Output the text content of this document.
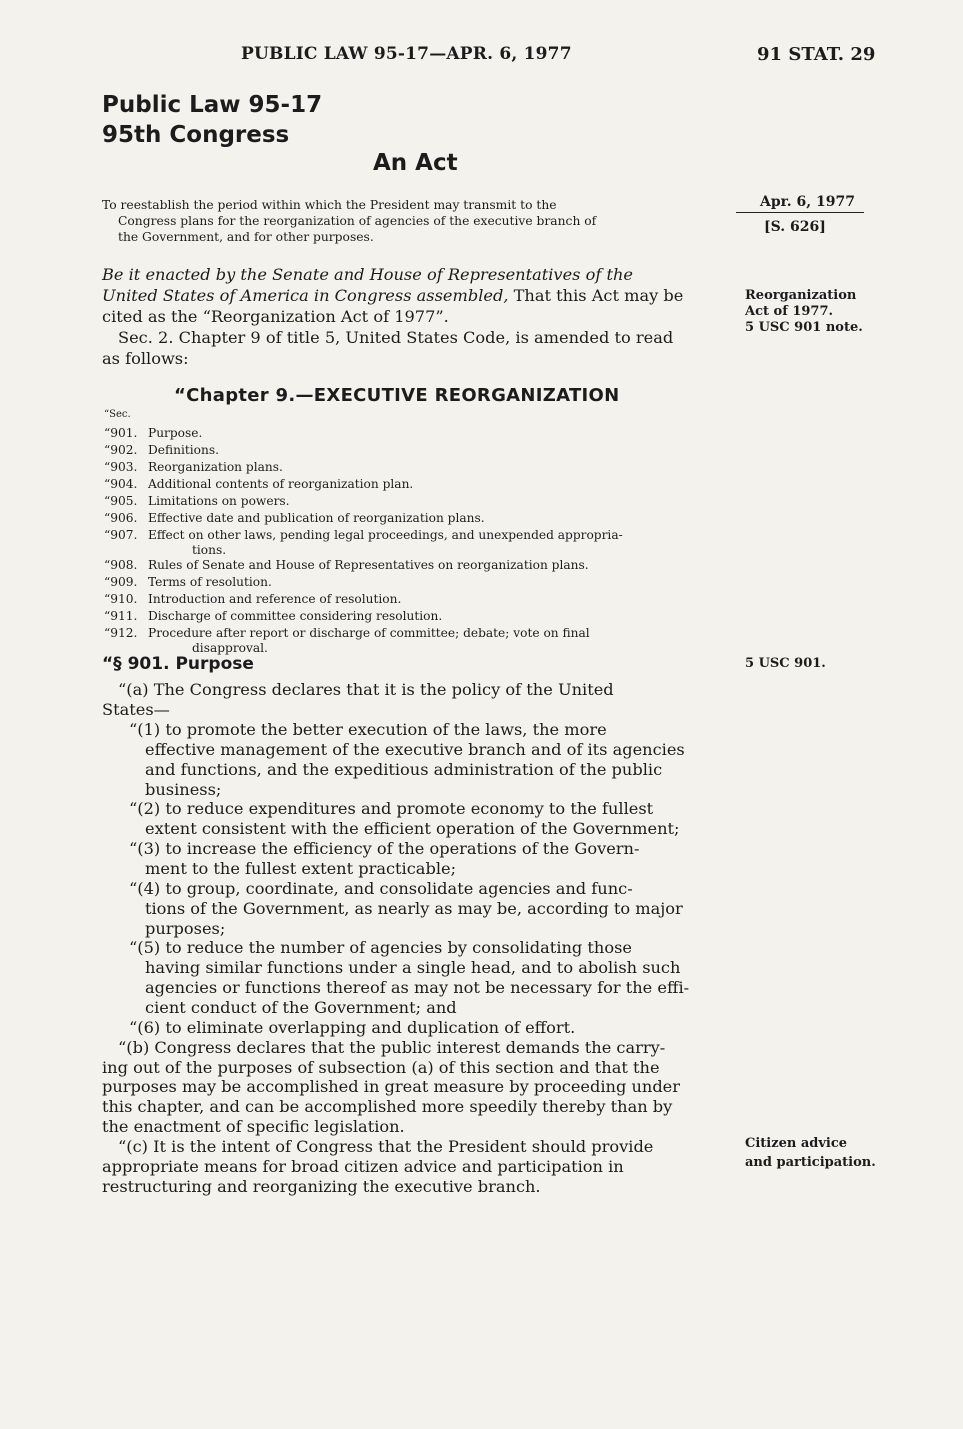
PUBLIC LAW 95-17—APR. 6, 1977	91 STAT. 29
Public Law 95-17
95th Congress
An Act
To reestablish the period within which the President may transmit to the
Congress plans for the reorganization of agencies of the executive branch of
the Government, and for other purposes.
Apr. 6, 1977
[S. 626]
Be it enacted by the Senate and House of Representatives of the
United States of America in Congress assembled, That this Act may be
cited as the “Reorganization Act of 1977”.
Sec. 2. Chapter 9 of title 5, United States Code, is amended to read
as follows:
Reorganization
Act of 1977.
5 USC 901 note.
“Chapter 9.—EXECUTIVE REORGANIZATION
“Sec.
“901. Purpose.
“902. Definitions.
“903. Reorganization plans.
“904. Additional contents of reorganization plan.
“905. Limitations on powers.
“906. Effective date and publication of reorganization plans.
“907. Effect on other laws, pending legal proceedings, and unexpended appropria-
tions.
“908. Rules of Senate and House of Representatives on reorganization plans.
“909. Terms of resolution.
“910. Introduction and reference of resolution.
“911. Discharge of committee considering resolution.
“912. Procedure after report or discharge of committee; debate; vote on final
disapproval.
“§ 901. Purpose	5 USC 901.
“(a) The Congress declares that it is the policy of the United
States—
“(1) to promote the better execution of the laws, the more
effective management of the executive branch and of its agencies
and functions, and the expeditious administration of the public
business;
“(2) to reduce expenditures and promote economy to the fullest
extent consistent with the efficient operation of the Government;
“(3) to increase the efficiency of the operations of the Govern-
ment to the fullest extent practicable;
“(4) to group, coordinate, and consolidate agencies and func-
tions of the Government, as nearly as may be, according to major
purposes;
“(5) to reduce the number of agencies by consolidating those
having similar functions under a single head, and to abolish such
agencies or functions thereof as may not be necessary for the effi-
cient conduct of the Government; and
“(6) to eliminate overlapping and duplication of effort.
“(b) Congress declares that the public interest demands the carry-
ing out of the purposes of subsection (a) of this section and that the
purposes may be accomplished in great measure by proceeding under
this chapter, and can be accomplished more speedily thereby than by
the enactment of specific legislation.
“(c) It is the intent of Congress that the President should provide
appropriate means for broad citizen advice and participation in
restructuring and reorganizing the executive branch.
Citizen advice
and participation.
